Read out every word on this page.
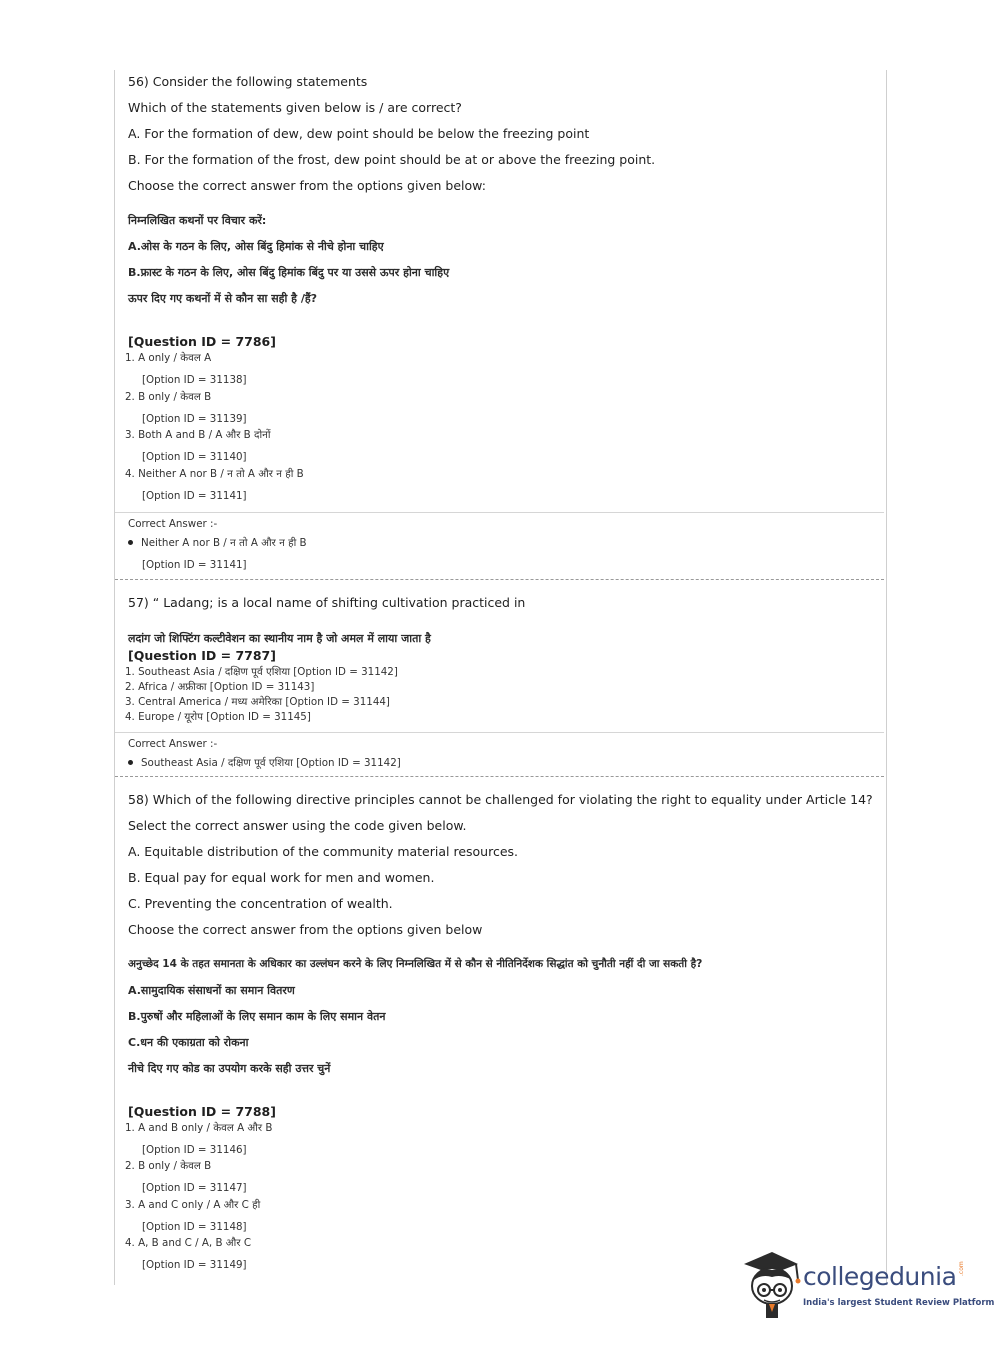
56) Consider the following statements
Which of the statements given below is / are correct?
A. For the formation of dew, dew point should be below the freezing point
B. For the formation of the frost, dew point should be at or above the freezing point.
Choose the correct answer from the options given below:
निम्नलिखित कथनों पर विचार करें:
A.ओस के गठन के लिए, ओस बिंदु हिमांक से नीचे होना चाहिए
B.फ्रास्ट के गठन के लिए, ओस बिंदु हिमांक बिंदु पर या उससे ऊपर होना चाहिए
ऊपर दिए गए कथनों में से कौन सा सही है /हैं?
[Question ID = 7786]
1. A only / केवल A
[Option ID = 31138]
2. B only / केवल B
[Option ID = 31139]
3. Both A and B / A और B दोनों
[Option ID = 31140]
4. Neither A nor B / न तो A और न ही B
[Option ID = 31141]
Correct Answer :-
Neither A nor B / न तो A और न ही B
[Option ID = 31141]
57) “ Ladang; is a local name of shifting cultivation practiced in
लदांग जो शिफ्टिंग कल्टीवेशन का स्थानीय नाम है जो अमल में लाया जाता है
[Question ID = 7787]
1. Southeast Asia / दक्षिण पूर्व एशिया [Option ID = 31142]
2. Africa / अफ्रीका [Option ID = 31143]
3. Central America / मध्य अमेरिका [Option ID = 31144]
4. Europe / यूरोप [Option ID = 31145]
Correct Answer :-
Southeast Asia / दक्षिण पूर्व एशिया [Option ID = 31142]
58) Which of the following directive principles cannot be challenged for violating the right to equality under Article 14?
Select the correct answer using the code given below.
A. Equitable distribution of the community material resources.
B. Equal pay for equal work for men and women.
C. Preventing the concentration of wealth.
Choose the correct answer from the options given below
अनुच्छेद 14 के तहत समानता के अधिकार का उल्लंघन करने के लिए निम्नलिखित में से कौन से नीतिनिर्देशक सिद्धांत को चुनौती नहीं दी जा सकती है?
A.सामुदायिक संसाधनों का समान वितरण
B.पुरुषों और महिलाओं के लिए समान काम के लिए समान वेतन
C.धन की एकाग्रता को रोकना
नीचे दिए गए कोड का उपयोग करके सही उत्तर चुनें
[Question ID = 7788]
1. A and B only / केवल A और B
[Option ID = 31146]
2. B only / केवल B
[Option ID = 31147]
3. A and C only / A और C ही
[Option ID = 31148]
4. A, B and C / A, B और C
[Option ID = 31149]	collegedunia .com
India's largest Student Review Platform
